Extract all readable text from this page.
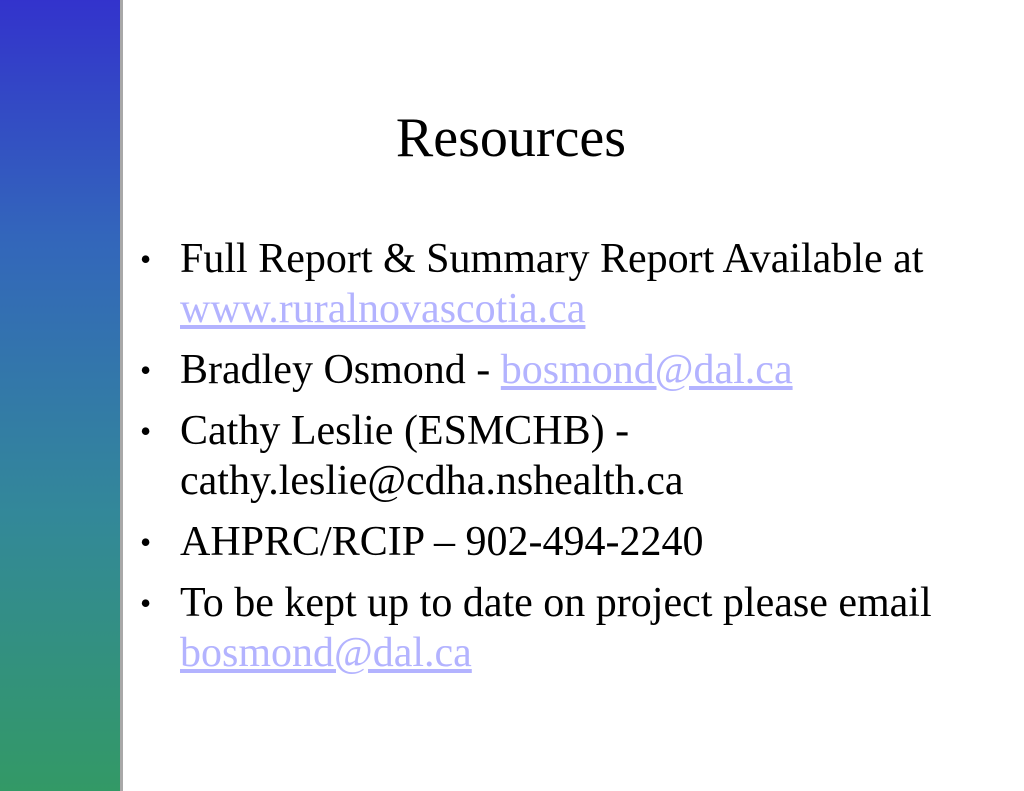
Resources
• Full Report & Summary Report Available at www.ruralnovascotia.ca
• Bradley Osmond - bosmond@dal.ca
• Cathy Leslie (ESMCHB) - cathy.leslie@cdha.nshealth.ca
• AHPRC/RCIP – 902-494-2240
• To be kept up to date on project please email bosmond@dal.ca
